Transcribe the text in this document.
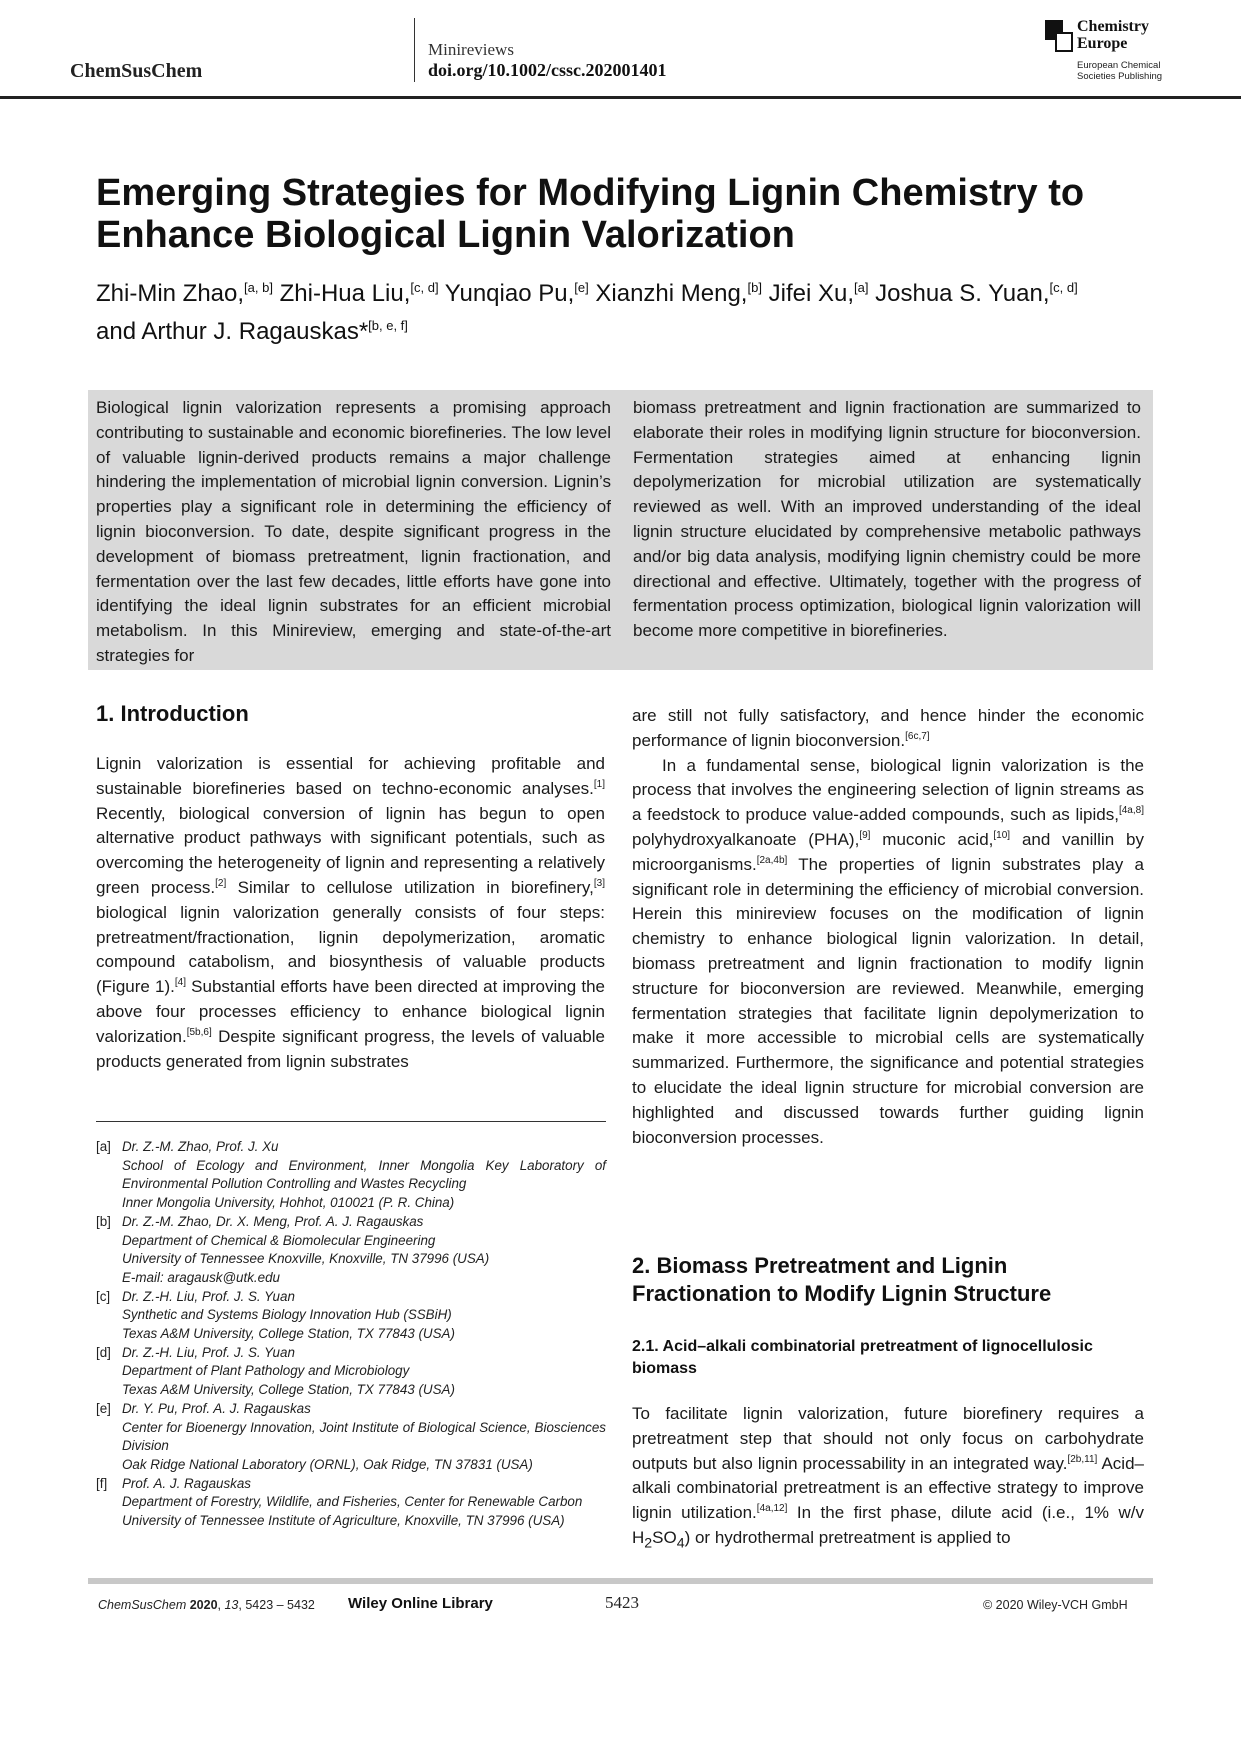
ChemSusChem
Minireviews
doi.org/10.1002/cssc.202001401
Chemistry
Europe
European Chemical
Societies Publishing
Emerging Strategies for Modifying Lignin Chemistry to Enhance Biological Lignin Valorization
Zhi-Min Zhao,[a, b] Zhi-Hua Liu,[c, d] Yunqiao Pu,[e] Xianzhi Meng,[b] Jifei Xu,[a] Joshua S. Yuan,[c, d]
and Arthur J. Ragauskas*[b, e, f]
Biological lignin valorization represents a promising approach contributing to sustainable and economic biorefineries. The low level of valuable lignin-derived products remains a major challenge hindering the implementation of microbial lignin conversion. Lignin’s properties play a significant role in determining the efficiency of lignin bioconversion. To date, despite significant progress in the development of biomass pretreatment, lignin fractionation, and fermentation over the last few decades, little efforts have gone into identifying the ideal lignin substrates for an efficient microbial metabolism. In this Minireview, emerging and state-of-the-art strategies for
biomass pretreatment and lignin fractionation are summarized to elaborate their roles in modifying lignin structure for bioconversion. Fermentation strategies aimed at enhancing lignin depolymerization for microbial utilization are systematically reviewed as well. With an improved understanding of the ideal lignin structure elucidated by comprehensive metabolic pathways and/or big data analysis, modifying lignin chemistry could be more directional and effective. Ultimately, together with the progress of fermentation process optimization, biological lignin valorization will become more competitive in biorefineries.
1. Introduction

Lignin valorization is essential for achieving profitable and sustainable biorefineries based on techno-economic analyses.[1] Recently, biological conversion of lignin has begun to open alternative product pathways with significant potentials, such as overcoming the heterogeneity of lignin and representing a relatively green process.[2] Similar to cellulose utilization in biorefinery,[3] biological lignin valorization generally consists of four steps: pretreatment/fractionation, lignin depolymerization, aromatic compound catabolism, and biosynthesis of valuable products (Figure 1).[4] Substantial efforts have been directed at improving the above four processes efficiency to enhance biological lignin valorization.[5b,6] Despite significant progress, the levels of valuable products generated from lignin substrates

[a] Dr. Z.-M. Zhao, Prof. J. Xu
School of Ecology and Environment, Inner Mongolia Key Laboratory of Environmental Pollution Controlling and Wastes Recycling
Inner Mongolia University, Hohhot, 010021 (P. R. China)
[b] Dr. Z.-M. Zhao, Dr. X. Meng, Prof. A. J. Ragauskas
Department of Chemical & Biomolecular Engineering
University of Tennessee Knoxville, Knoxville, TN 37996 (USA)
E-mail: aragausk@utk.edu
[c] Dr. Z.-H. Liu, Prof. J. S. Yuan
Synthetic and Systems Biology Innovation Hub (SSBiH)
Texas A&M University, College Station, TX 77843 (USA)
[d] Dr. Z.-H. Liu, Prof. J. S. Yuan
Department of Plant Pathology and Microbiology
Texas A&M University, College Station, TX 77843 (USA)
[e] Dr. Y. Pu, Prof. A. J. Ragauskas
Center for Bioenergy Innovation, Joint Institute of Biological Science, Biosciences Division
Oak Ridge National Laboratory (ORNL), Oak Ridge, TN 37831 (USA)
[f] Prof. A. J. Ragauskas
Department of Forestry, Wildlife, and Fisheries, Center for Renewable Carbon
University of Tennessee Institute of Agriculture, Knoxville, TN 37996 (USA)

are still not fully satisfactory, and hence hinder the economic performance of lignin bioconversion.[6c,7]

In a fundamental sense, biological lignin valorization is the process that involves the engineering selection of lignin streams as a feedstock to produce value-added compounds, such as lipids,[4a,8] polyhydroxyalkanoate (PHA),[9] muconic acid,[10] and vanillin by microorganisms.[2a,4b] The properties of lignin substrates play a significant role in determining the efficiency of microbial conversion. Herein this minireview focuses on the modification of lignin chemistry to enhance biological lignin valorization. In detail, biomass pretreatment and lignin fractionation to modify lignin structure for bioconversion are reviewed. Meanwhile, emerging fermentation strategies that facilitate lignin depolymerization to make it more accessible to microbial cells are systematically summarized. Furthermore, the significance and potential strategies to elucidate the ideal lignin structure for microbial conversion are highlighted and discussed towards further guiding lignin bioconversion processes.

2. Biomass Pretreatment and Lignin
Fractionation to Modify Lignin Structure
2.1. Acid–alkali combinatorial pretreatment of lignocellulosic biomass

To facilitate lignin valorization, future biorefinery requires a pretreatment step that should not only focus on carbohydrate outputs but also lignin processability in an integrated way.[2b,11] Acid–alkali combinatorial pretreatment is an effective strategy to improve lignin utilization.[4a,12] In the first phase, dilute acid (i.e., 1% w/v $H_2SO_4$) or hydrothermal pretreatment is applied to

ChemSusChem 2020, 13, 5423 – 5432 Wiley Online Library	5423	© 2020 Wiley-VCH GmbH
